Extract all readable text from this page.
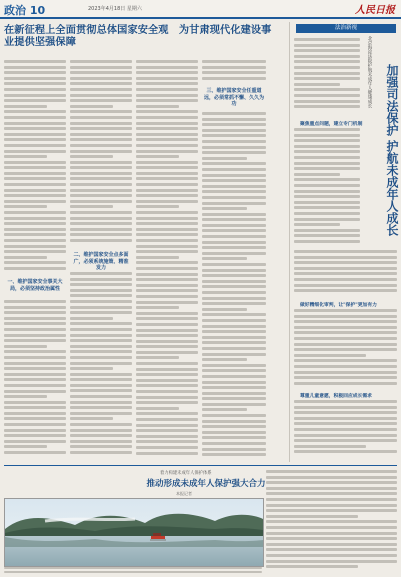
政治 10	2023年4月18日 星期六	人民日报
在新征程上全面贯彻总体国家安全观　为甘肃现代化建设事业提供坚强保障
一、维护国家安全事关大局，必须坚持政治属性
二、维护国家安全点多面广，必须系统施策、精准发力
三、维护国家安全任重道远，必须常抓不懈、久久为功
法治新视
北京海淀法院护航未成年人健康成长 加强司法保护 护航未成年人成长
聚焦重点问题，建立专门机制
做好精细化审判，让"保护"更加有力
尊重儿童意愿，积极回应成长需求
着力构建未成年人保护体系
推动形成未成年人保护强大合力
本报记者
